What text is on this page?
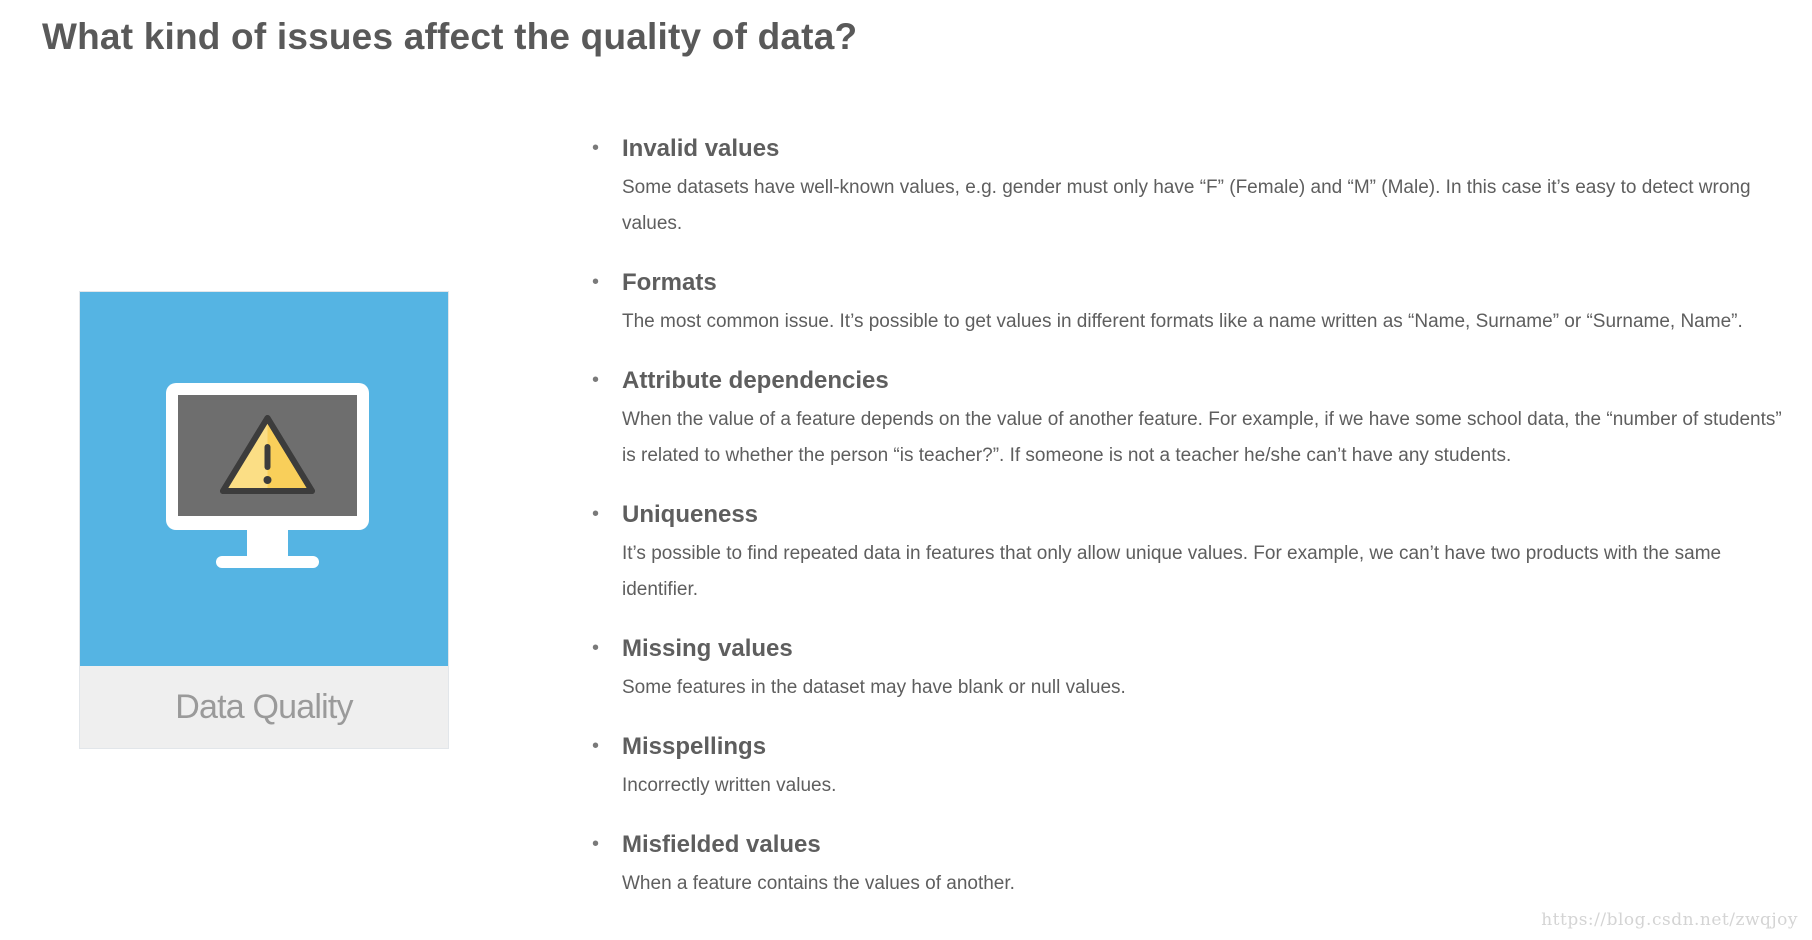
What kind of issues affect the quality of data?
Data Quality
• Invalid values
Some datasets have well-known values, e.g. gender must only have “F” (Female) and “M” (Male). In this case it’s easy to detect wrong values.
• Formats
The most common issue. It’s possible to get values in different formats like a name written as “Name, Surname” or “Surname, Name”.
• Attribute dependencies
When the value of a feature depends on the value of another feature. For example, if we have some school data, the “number of students” is related to whether the person “is teacher?”. If someone is not a teacher he/she can’t have any students.
• Uniqueness
It’s possible to find repeated data in features that only allow unique values. For example, we can’t have two products with the same identifier.
• Missing values
Some features in the dataset may have blank or null values.
• Misspellings
Incorrectly written values.
• Misfielded values
When a feature contains the values of another.
https://blog.csdn.net/zwqjoy
